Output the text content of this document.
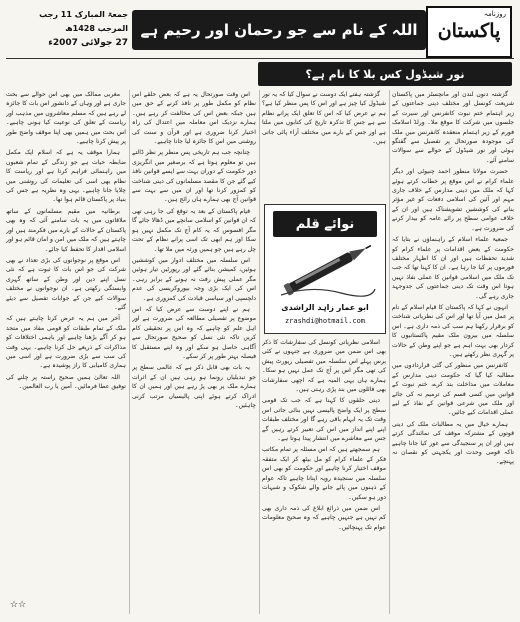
جمعۃ المبارک 11 رجب المرجب 1428ھ
27 جولائی 2007ء
اللہ کے نام سے جو رحمان اور رحیم ہے
روزنامہ
پاکستان
نور شیڈول کس بلا کا نام ہے؟

گزشتہ دنوں لندن اور مانچسٹر میں پاکستان شریعت کونسل اور مختلف دینی جماعتوں کے زیر اہتمام ختم نبوت کانفرنس اور سیرت کے جلسوں میں شرکت کا موقع ملا۔ ورلڈ اسلامک فورم کے زیر اہتمام منعقدہ کانفرنس میں ملک کی موجودہ صورتحال پر تفصیل سے گفتگو ہوئی اور نور شیڈول کے حوالے سے سوالات سامنے آئے۔

حضرت مولانا منظور احمد چنیوٹی اور دیگر علماء کرام نے اس موقع پر خطاب کرتے ہوئے کہا کہ ملک میں دینی مدارس کے خلاف جاری مہم اور آئین کی اسلامی دفعات کو غیر مؤثر بنانے کی کوششیں تشویشناک ہیں اور ان کے خلاف عوامی سطح پر رائے عامہ کو بیدار کرنے کی ضرورت ہے۔

جمعیۃ علماء اسلام کے راہنماؤں نے بتایا کہ حکومت کے بعض اقدامات پر علماء کرام کو شدید تحفظات ہیں اور ان کا اظہار مختلف فورموں پر کیا جا رہا ہے۔ ان کا کہنا تھا کہ جب تک ملک میں اسلامی قوانین کا عملی نفاذ نہیں ہوتا اس وقت تک دینی جماعتوں کی جدوجہد جاری رہے گی۔

انہوں نے کہا کہ پاکستان کا قیام اسلام کے نام پر عمل میں آیا تھا اور اس کی نظریاتی شناخت کو برقرار رکھنا ہم سب کی ذمہ داری ہے۔ اس سلسلہ میں بیرون ملک مقیم پاکستانیوں کا کردار بھی بہت اہم ہے جو اپنے وطن کے حالات پر گہری نظر رکھتے ہیں۔

کانفرنس میں منظور کی گئی قراردادوں میں مطالبہ کیا گیا کہ حکومت دینی مدارس کے معاملات میں مداخلت بند کرے، ختم نبوت کے قوانین میں کسی قسم کی ترمیم نہ کی جائے اور ملک میں شرعی قوانین کے نفاذ کے لیے عملی اقدامات کیے جائیں۔

ہمارے خیال میں یہ مطالبات ملک کی دینی قوتوں کے مشترکہ موقف کی نمائندگی کرتے ہیں اور ان پر سنجیدگی سے غور کیا جانا چاہیے تاکہ قومی وحدت اور یکجہتی کو نقصان نہ پہنچے۔

گزشتہ ہفتے ایک دوست نے سوال کیا کہ یہ نور شیڈول کیا چیز ہے اور اس کا پس منظر کیا ہے؟ ہم نے عرض کیا کہ اس کا تعلق ایک پرانے نظام سے ہے جس کا تذکرہ تاریخ کی کتابوں میں ملتا ہے اور جس کے بارے میں مختلف آراء پائی جاتی ہیں۔

نوائے قلم
ابو عمار زاہد الراشدی
zrashdi@hotmail.com

اسلامی نظریاتی کونسل کی سفارشات کا ذکر بھی اس ضمن میں ضروری ہے جنہوں نے کئی برس پہلے اس سلسلہ میں تفصیلی رپورٹ پیش کی تھی مگر اس پر آج تک عمل نہیں ہو سکا۔ ہمارے ہاں یہی المیہ ہے کہ اچھی سفارشات بھی فائلوں میں بند پڑی رہتی ہیں۔

دینی حلقوں کا کہنا ہے کہ جب تک قومی سطح پر ایک واضح پالیسی نہیں بنائی جاتی اس وقت تک یہ ابہام باقی رہے گا اور مختلف طبقات اپنے اپنے انداز میں اس کی تعبیر کرتے رہیں گے جس سے معاشرے میں انتشار پیدا ہوتا ہے۔

ہم سمجھتے ہیں کہ اس مسئلہ پر تمام مکاتب فکر کے علماء کرام کو مل بیٹھ کر ایک متفقہ موقف اختیار کرنا چاہیے اور حکومت کو بھی اس سلسلہ میں سنجیدہ رویہ اپنانا چاہیے تاکہ عوام کے ذہنوں میں پائے جانے والے شکوک و شبہات دور ہو سکیں۔

اس ضمن میں ذرائع ابلاغ کی ذمہ داری بھی کم نہیں ہے جنہیں چاہیے کہ وہ صحیح معلومات عوام تک پہنچائیں۔

اس وقت صورتحال یہ ہے کہ بعض حلقے اس نظام کو مکمل طور پر نافذ کرنے کے حق میں ہیں جبکہ بعض اس کی مخالفت کر رہے ہیں۔ ہمارے نزدیک اس معاملہ میں اعتدال کی راہ اختیار کرنا ضروری ہے اور قرآن و سنت کی روشنی میں اس کا جائزہ لیا جانا چاہیے۔

چنانچہ جب ہم تاریخی پس منظر پر نظر ڈالتے ہیں تو معلوم ہوتا ہے کہ برصغیر میں انگریزی دور حکومت کے دوران بہت سے ایسے قوانین نافذ کیے گئے جن کا مقصد مسلمانوں کی دینی شناخت کو کمزور کرنا تھا اور ان میں سے بہت سے قوانین آج بھی ہمارے ہاں رائج ہیں۔

قیام پاکستان کے بعد یہ توقع کی جا رہی تھی کہ ان قوانین کو اسلامی سانچے میں ڈھالا جائے گا مگر افسوس کہ یہ کام آج تک مکمل نہیں ہو سکا اور ہم ابھی تک اسی پرانے نظام کے تحت چل رہے ہیں جو ہمیں ورثہ میں ملا تھا۔

اس سلسلہ میں مختلف ادوار میں کوششیں ہوئیں، کمیشن بنائے گئے اور رپورٹیں تیار ہوئیں مگر عملی پیش رفت نہ ہونے کے برابر رہی۔ اس کی ایک بڑی وجہ بیوروکریسی کی عدم دلچسپی اور سیاسی قیادت کی کمزوری ہے۔

ہم نے اپنے دوست سے عرض کیا کہ اس موضوع پر تفصیلی مطالعہ کی ضرورت ہے اور اہل علم کو چاہیے کہ وہ اس پر تحقیقی کام کریں تاکہ نئی نسل کو صحیح صورتحال سے آگاہی حاصل ہو سکے اور وہ اپنے مستقبل کا فیصلہ بہتر طور پر کر سکے۔

یہ بات بھی قابل ذکر ہے کہ عالمی سطح پر جو تبدیلیاں رونما ہو رہی ہیں ان کے اثرات ہمارے ملک پر بھی پڑ رہے ہیں اور ہمیں ان کا ادراک کرتے ہوئے اپنی پالیسیاں مرتب کرنی چاہئیں۔

مغربی ممالک میں بھی اس حوالے سے بحث جاری ہے اور وہاں کے دانشور اس بات کا جائزہ لے رہے ہیں کہ مسلم معاشروں میں مذہب اور ریاست کے تعلق کی نوعیت کیا ہونی چاہیے۔ اس بحث میں ہمیں بھی اپنا موقف واضح طور پر پیش کرنا چاہیے۔

ہمارا موقف یہ ہے کہ اسلام ایک مکمل ضابطہ حیات ہے جو زندگی کے تمام شعبوں میں راہنمائی فراہم کرتا ہے اور ریاست کا نظام بھی اسی کی تعلیمات کی روشنی میں چلایا جانا چاہیے۔ یہی وہ نظریہ ہے جس کی بنیاد پر پاکستان قائم ہوا تھا۔

برطانیہ میں مقیم مسلمانوں کے ساتھ ملاقاتوں میں یہ بات سامنے آئی کہ وہ بھی پاکستان کے حالات کے بارے میں فکرمند ہیں اور چاہتے ہیں کہ ملک میں امن و امان قائم ہو اور اسلامی اقدار کا تحفظ کیا جائے۔

اس موقع پر نوجوانوں کی بڑی تعداد نے بھی شرکت کی جو اس بات کا ثبوت ہے کہ نئی نسل اپنے دین اور وطن کے ساتھ گہری وابستگی رکھتی ہے۔ ان نوجوانوں نے مختلف سوالات کیے جن کے جوابات تفصیل سے دیئے گئے۔

آخر میں ہم یہ عرض کرنا چاہتے ہیں کہ ملک کے تمام طبقات کو قومی مفاد میں متحد ہو کر آگے بڑھنا چاہیے اور باہمی اختلافات کو مذاکرات کے ذریعے حل کرنا چاہیے۔ یہی وقت کی سب سے بڑی ضرورت ہے اور اسی میں ہماری کامیابی کا راز پوشیدہ ہے۔

اللہ تعالیٰ ہمیں صحیح راستہ پر چلنے کی توفیق عطا فرمائیں۔ آمین یا رب العالمین۔

☆☆
